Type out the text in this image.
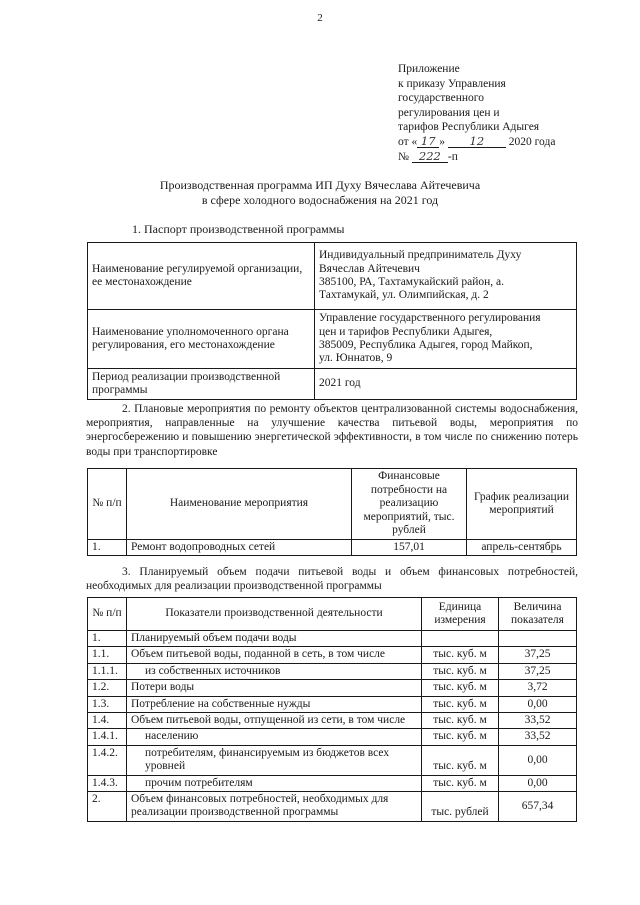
2
Приложение
к приказу Управления
государственного
регулирования цен и
тарифов Республики Адыгея
от « 17 » 12 2020 года
№ 222 -п
Производственная программа ИП Духу Вячеслава Айтечевича
в сфере холодного водоснабжения на 2021 год
1. Паспорт производственной программы
Наименование регулируемой организации, ее местонахождение	Индивидуальный предприниматель Духу
Вячеслав Айтечевич
385100, РА, Тахтамукайский район, а.
Тахтамукай, ул. Олимпийская, д. 2

Наименование уполномоченного органа регулирования, его местонахождение	Управление государственного регулирования
цен и тарифов Республики Адыгея,
385009, Республика Адыгея, город Майкоп,
ул. Юннатов, 9

Период реализации производственной программы	2021 год
2. Плановые мероприятия по ремонту объектов централизованной системы водоснабжения, мероприятия, направленные на улучшение качества питьевой воды, мероприятия по энергосбережению и повышению энергетической эффективности, в том числе по снижению потерь воды при транспортировке
№ п/п	Наименование мероприятия	Финансовые потребности на реализацию мероприятий, тыс. рублей	График реализации мероприятий
1.	Ремонт водопроводных сетей	157,01	апрель-сентябрь
3. Планируемый объем подачи питьевой воды и объем финансовых потребностей, необходимых для реализации производственной программы
№ п/п	Показатели производственной деятельности	Единица измерения	Величина показателя
1.	Планируемый объем подачи воды		
1.1.	Объем питьевой воды, поданной в сеть, в том числе	тыс. куб. м	37,25
1.1.1.	из собственных источников	тыс. куб. м	37,25
1.2.	Потери воды	тыс. куб. м	3,72
1.3.	Потребление на собственные нужды	тыс. куб. м	0,00
1.4.	Объем питьевой воды, отпущенной из сети, в том числе	тыс. куб. м	33,52
1.4.1.	населению	тыс. куб. м	33,52
1.4.2.	потребителям, финансируемым из бюджетов всех уровней	тыс. куб. м	0,00
1.4.3.	прочим потребителям	тыс. куб. м	0,00
2.	Объем финансовых потребностей, необходимых для реализации производственной программы	тыс. рублей	657,34
